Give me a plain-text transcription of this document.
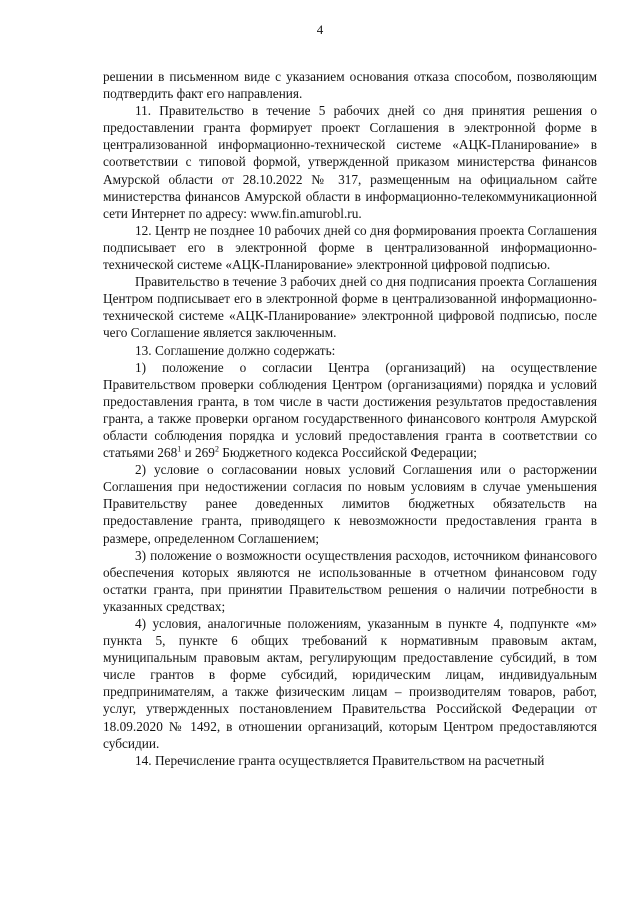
4

решении в письменном виде с указанием основания отказа способом, позволяющим подтвердить факт его направления.

11. Правительство в течение 5 рабочих дней со дня принятия решения о предоставлении гранта формирует проект Соглашения в электронной форме в централизованной информационно-технической системе «АЦК-Планирование» в соответствии с типовой формой, утвержденной приказом министерства финансов Амурской области от 28.10.2022 № 317, размещенным на официальном сайте министерства финансов Амурской области в информационно-телекоммуникационной сети Интернет по адресу: www.fin.amurobl.ru.

12. Центр не позднее 10 рабочих дней со дня формирования проекта Соглашения подписывает его в электронной форме в централизованной информационно-технической системе «АЦК-Планирование» электронной цифровой подписью.

Правительство в течение 3 рабочих дней со дня подписания проекта Соглашения Центром подписывает его в электронной форме в централизованной информационно-технической системе «АЦК-Планирование» электронной цифровой подписью, после чего Соглашение является заключенным.

13. Соглашение должно содержать:

1) положение о согласии Центра (организаций) на осуществление Правительством проверки соблюдения Центром (организациями) порядка и условий предоставления гранта, в том числе в части достижения результатов предоставления гранта, а также проверки органом государственного финансового контроля Амурской области соблюдения порядка и условий предоставления гранта в соответствии со статьями $268^1$ и $269^2$ Бюджетного кодекса Российской Федерации;

2) условие о согласовании новых условий Соглашения или о расторжении Соглашения при недостижении согласия по новым условиям в случае уменьшения Правительству ранее доведенных лимитов бюджетных обязательств на предоставление гранта, приводящего к невозможности предоставления гранта в размере, определенном Соглашением;

3) положение о возможности осуществления расходов, источником финансового обеспечения которых являются не использованные в отчетном финансовом году остатки гранта, при принятии Правительством решения о наличии потребности в указанных средствах;

4) условия, аналогичные положениям, указанным в пункте 4, подпункте «м» пункта 5, пункте 6 общих требований к нормативным правовым актам, муниципальным правовым актам, регулирующим предоставление субсидий, в том числе грантов в форме субсидий, юридическим лицам, индивидуальным предпринимателям, а также физическим лицам – производителям товаров, работ, услуг, утвержденных постановлением Правительства Российской Федерации от 18.09.2020 № 1492, в отношении организаций, которым Центром предоставляются субсидии.

14. Перечисление гранта осуществляется Правительством на расчетный
